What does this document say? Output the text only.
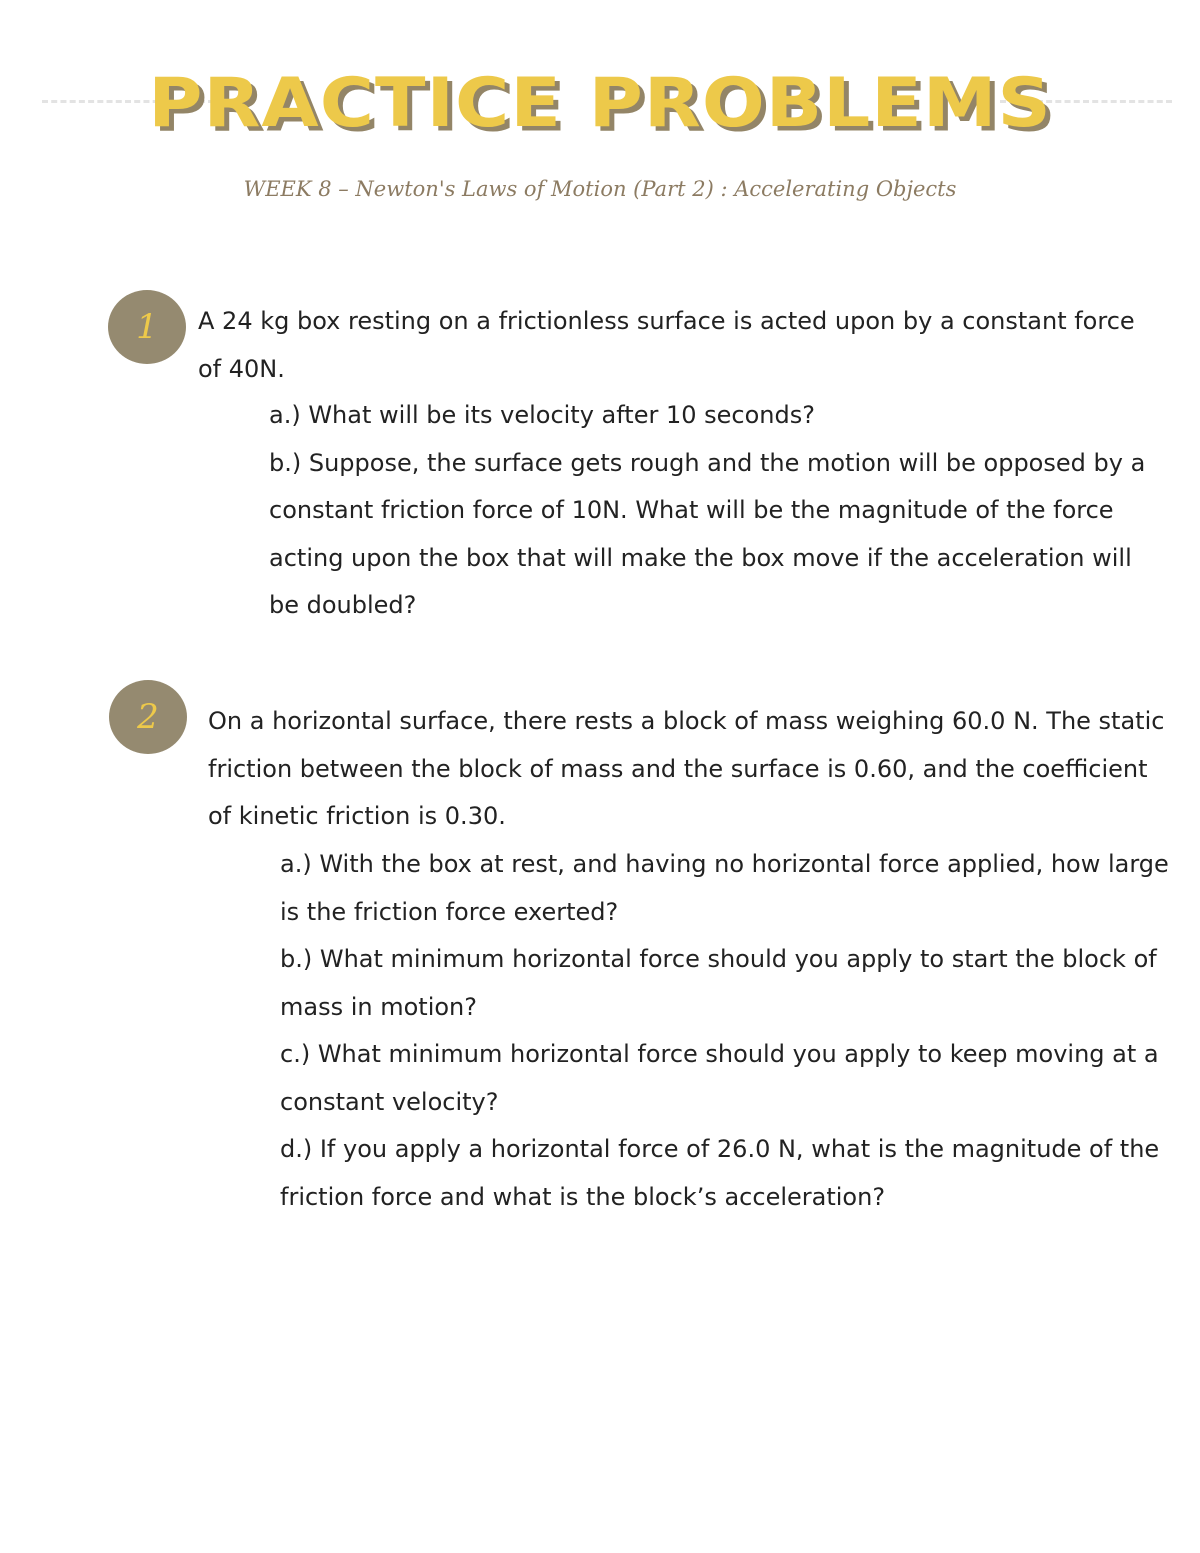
PRACTICE PROBLEMS
WEEK 8 – Newton's Laws of Motion (Part 2) : Accelerating Objects
1	A 24 kg box resting on a frictionless surface is acted upon by a constant force of 40N.

a.) What will be its velocity after 10 seconds?
b.) Suppose, the surface gets rough and the motion will be opposed by a constant friction force of 10N. What will be the magnitude of the force acting upon the box that will make the box move if the acceleration will be doubled?
2	On a horizontal surface, there rests a block of mass weighing 60.0 N. The static friction between the block of mass and the surface is 0.60, and the coefficient of kinetic friction is 0.30.

a.) With the box at rest, and having no horizontal force applied, how large is the friction force exerted?
b.) What minimum horizontal force should you apply to start the block of mass in motion?
c.) What minimum horizontal force should you apply to keep moving at a constant velocity?
d.) If you apply a horizontal force of 26.0 N, what is the magnitude of the friction force and what is the block’s acceleration?
